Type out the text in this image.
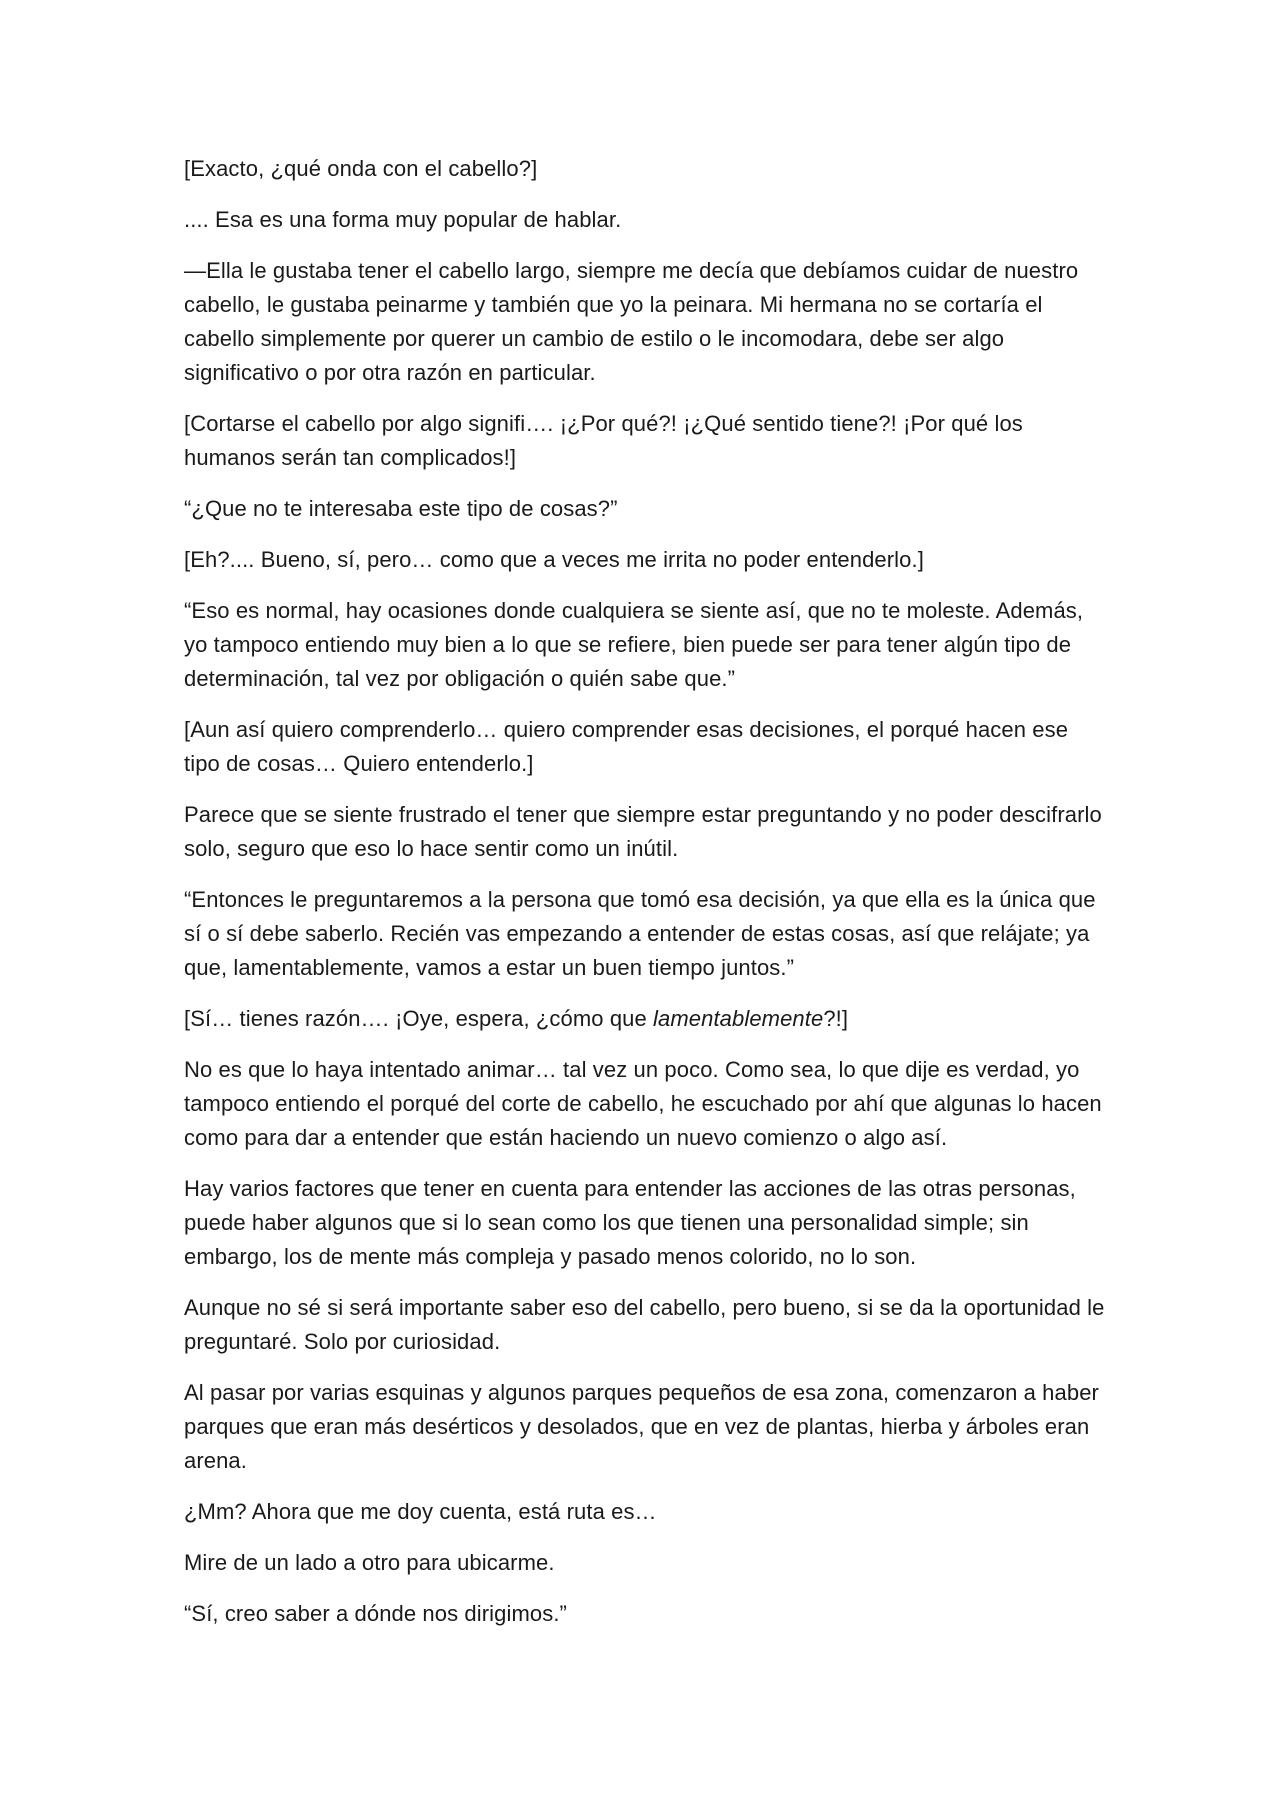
[Exacto, ¿qué onda con el cabello?]

.... Esa es una forma muy popular de hablar.

—Ella le gustaba tener el cabello largo, siempre me decía que debíamos cuidar de nuestro cabello, le gustaba peinarme y también que yo la peinara. Mi hermana no se cortaría el cabello simplemente por querer un cambio de estilo o le incomodara, debe ser algo significativo o por otra razón en particular.

[Cortarse el cabello por algo signifi…. ¡¿Por qué?! ¡¿Qué sentido tiene?! ¡Por qué los humanos serán tan complicados!]

“¿Que no te interesaba este tipo de cosas?”

[Eh?.... Bueno, sí, pero… como que a veces me irrita no poder entenderlo.]

“Eso es normal, hay ocasiones donde cualquiera se siente así, que no te moleste. Además, yo tampoco entiendo muy bien a lo que se refiere, bien puede ser para tener algún tipo de determinación, tal vez por obligación o quién sabe que.”

[Aun así quiero comprenderlo… quiero comprender esas decisiones, el porqué hacen ese tipo de cosas… Quiero entenderlo.]

Parece que se siente frustrado el tener que siempre estar preguntando y no poder descifrarlo solo, seguro que eso lo hace sentir como un inútil.

“Entonces le preguntaremos a la persona que tomó esa decisión, ya que ella es la única que sí o sí debe saberlo. Recién vas empezando a entender de estas cosas, así que relájate; ya que, lamentablemente, vamos a estar un buen tiempo juntos.”

[Sí… tienes razón…. ¡Oye, espera, ¿cómo que lamentablemente?!]

No es que lo haya intentado animar… tal vez un poco. Como sea, lo que dije es verdad, yo tampoco entiendo el porqué del corte de cabello, he escuchado por ahí que algunas lo hacen como para dar a entender que están haciendo un nuevo comienzo o algo así.

Hay varios factores que tener en cuenta para entender las acciones de las otras personas, puede haber algunos que si lo sean como los que tienen una personalidad simple; sin embargo, los de mente más compleja y pasado menos colorido, no lo son.

Aunque no sé si será importante saber eso del cabello, pero bueno, si se da la oportunidad le preguntaré. Solo por curiosidad.

Al pasar por varias esquinas y algunos parques pequeños de esa zona, comenzaron a haber parques que eran más desérticos y desolados, que en vez de plantas, hierba y árboles eran arena.

¿Mm? Ahora que me doy cuenta, está ruta es…

Mire de un lado a otro para ubicarme.

“Sí, creo saber a dónde nos dirigimos.”
